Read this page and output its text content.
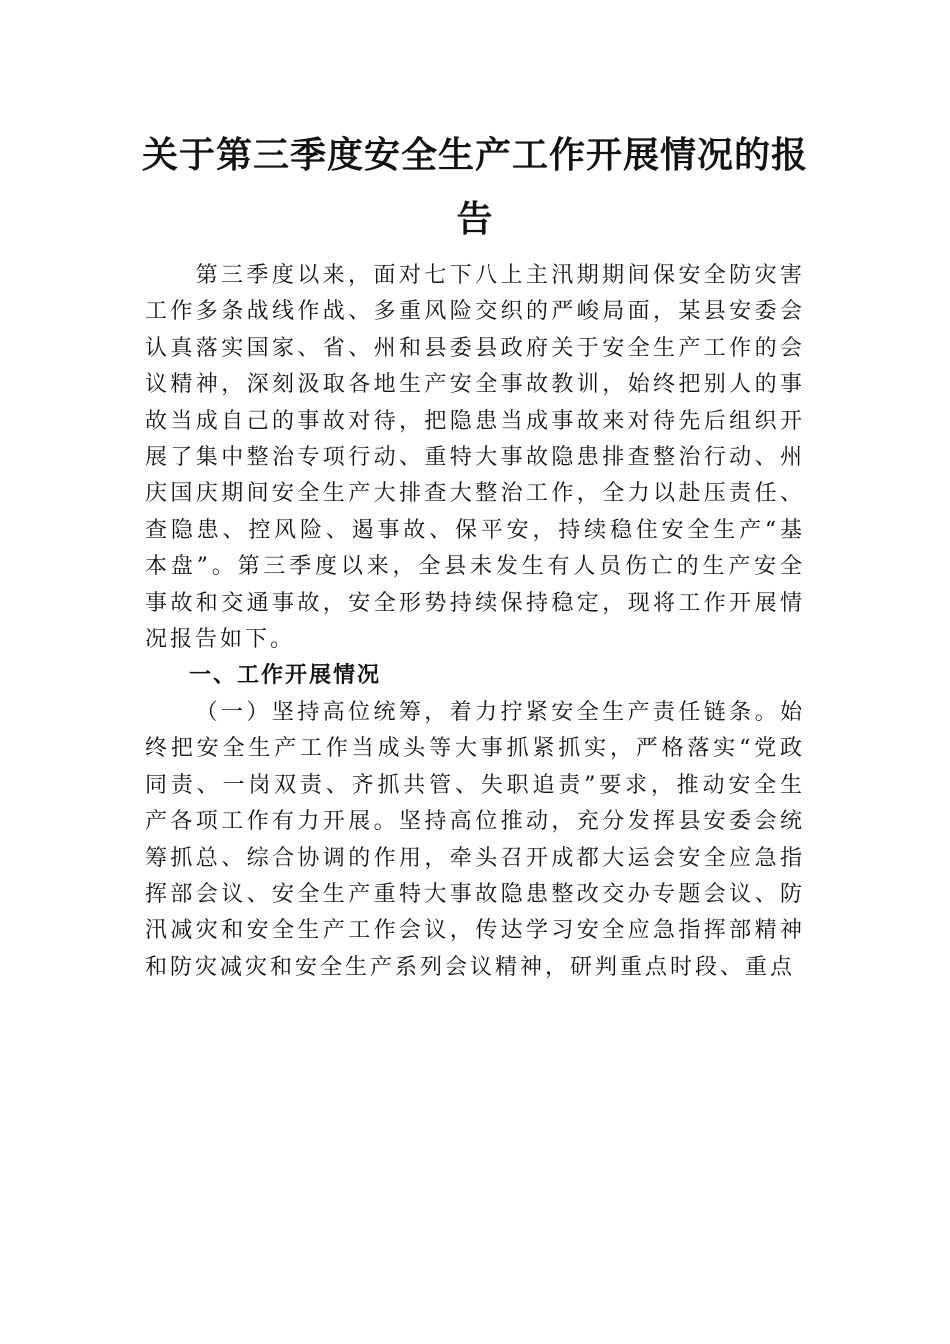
关于第三季度安全生产工作开展情况的报告

第三季度以来，面对七下八上主汛期期间保安全防灾害工作多条战线作战、多重风险交织的严峻局面，某县安委会认真落实国家、省、州和县委县政府关于安全生产工作的会议精神，深刻汲取各地生产安全事故教训，始终把别人的事故当成自己的事故对待，把隐患当成事故来对待先后组织开展了集中整治专项行动、重特大事故隐患排查整治行动、州庆国庆期间安全生产大排查大整治工作，全力以赴压责任、查隐患、控风险、遏事故、保平安，持续稳住安全生产“基本盘”。第三季度以来，全县未发生有人员伤亡的生产安全事故和交通事故，安全形势持续保持稳定，现将工作开展情况报告如下。

一、工作开展情况

（一）坚持高位统筹，着力拧紧安全生产责任链条。始终把安全生产工作当成头等大事抓紧抓实，严格落实“党政同责、一岗双责、齐抓共管、失职追责”要求，推动安全生产各项工作有力开展。坚持高位推动，充分发挥县安委会统筹抓总、综合协调的作用，牵头召开成都大运会安全应急指挥部会议、安全生产重特大事故隐患整改交办专题会议、防汛减灾和安全生产工作会议，传达学习安全应急指挥部精神和防灾减灾和安全生产系列会议精神，研判重点时段、重点
